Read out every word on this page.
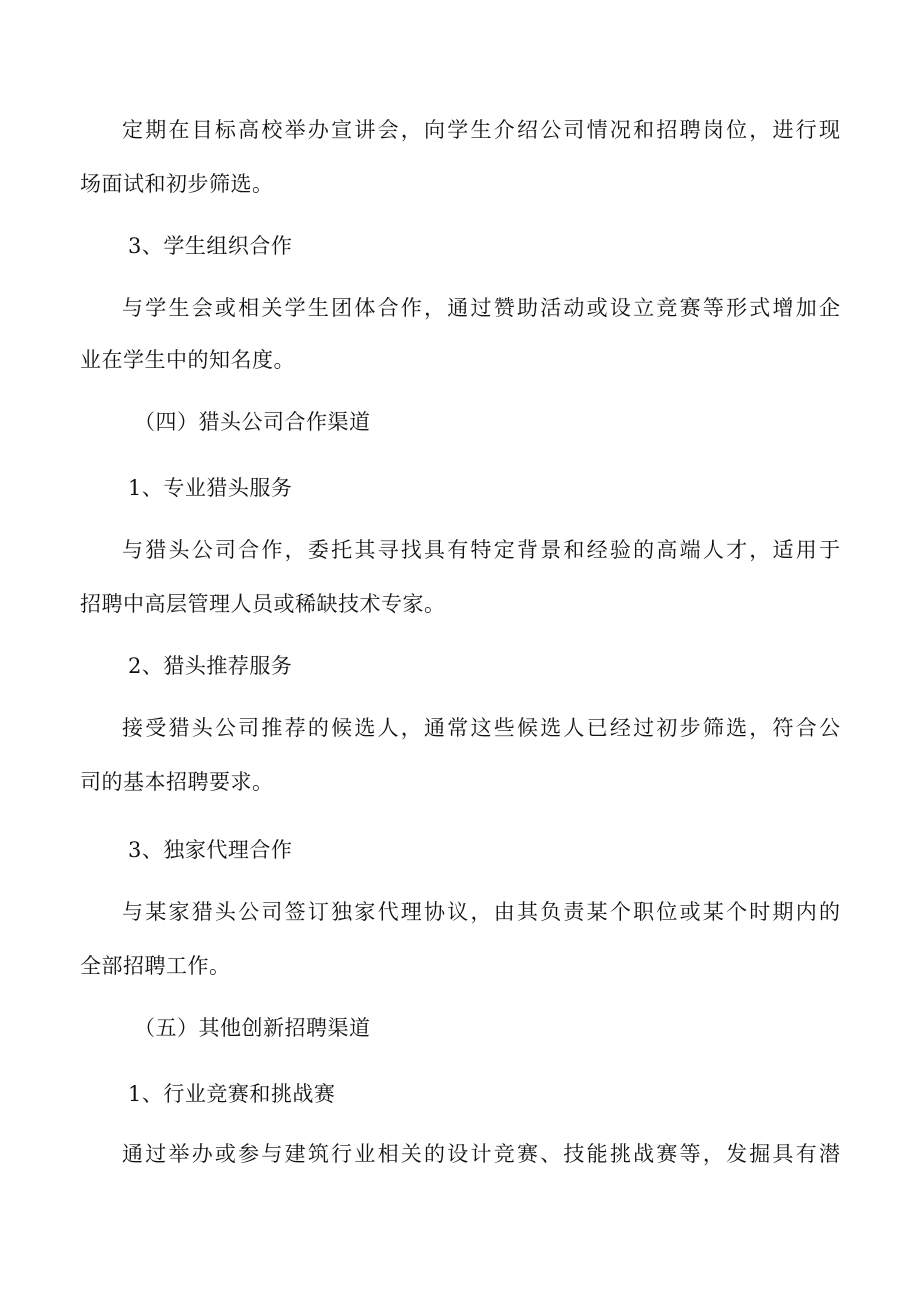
定期在目标高校举办宣讲会，向学生介绍公司情况和招聘岗位，进行现
场面试和初步筛选。
3、学生组织合作
与学生会或相关学生团体合作，通过赞助活动或设立竞赛等形式增加企
业在学生中的知名度。
（四）猎头公司合作渠道
1、专业猎头服务
与猎头公司合作，委托其寻找具有特定背景和经验的高端人才，适用于
招聘中高层管理人员或稀缺技术专家。
2、猎头推荐服务
接受猎头公司推荐的候选人，通常这些候选人已经过初步筛选，符合公
司的基本招聘要求。
3、独家代理合作
与某家猎头公司签订独家代理协议，由其负责某个职位或某个时期内的
全部招聘工作。
（五）其他创新招聘渠道
1、行业竞赛和挑战赛
通过举办或参与建筑行业相关的设计竞赛、技能挑战赛等，发掘具有潜
